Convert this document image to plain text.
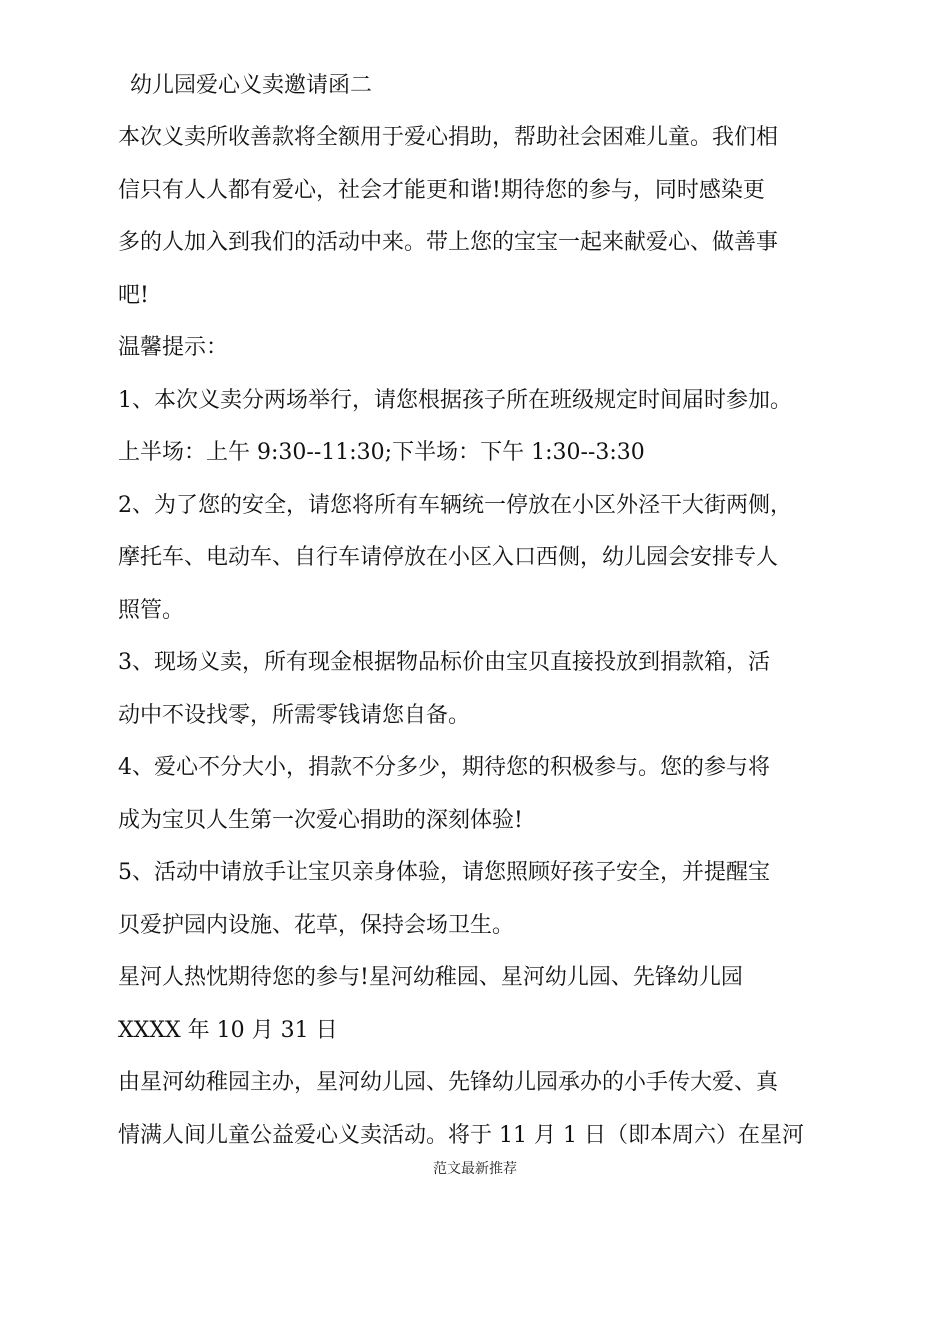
幼儿园爱心义卖邀请函二
本次义卖所收善款将全额用于爱心捐助，帮助社会困难儿童。我们相
信只有人人都有爱心，社会才能更和谐!期待您的参与，同时感染更
多的人加入到我们的活动中来。带上您的宝宝一起来献爱心、做善事
吧!
温馨提示：
1、本次义卖分两场举行，请您根据孩子所在班级规定时间届时参加。
上半场：上午 9:30--11:30;下半场：下午 1:30--3:30
2、为了您的安全，请您将所有车辆统一停放在小区外泾干大街两侧，
摩托车、电动车、自行车请停放在小区入口西侧，幼儿园会安排专人
照管。
3、现场义卖，所有现金根据物品标价由宝贝直接投放到捐款箱，活
动中不设找零，所需零钱请您自备。
4、爱心不分大小，捐款不分多少，期待您的积极参与。您的参与将
成为宝贝人生第一次爱心捐助的深刻体验!
5、活动中请放手让宝贝亲身体验，请您照顾好孩子安全，并提醒宝
贝爱护园内设施、花草，保持会场卫生。
星河人热忱期待您的参与!星河幼稚园、星河幼儿园、先锋幼儿园
XXXX 年 10 月 31 日
由星河幼稚园主办，星河幼儿园、先锋幼儿园承办的小手传大爱、真
情满人间儿童公益爱心义卖活动。将于 11 月 1 日（即本周六）在星河
范文最新推荐
